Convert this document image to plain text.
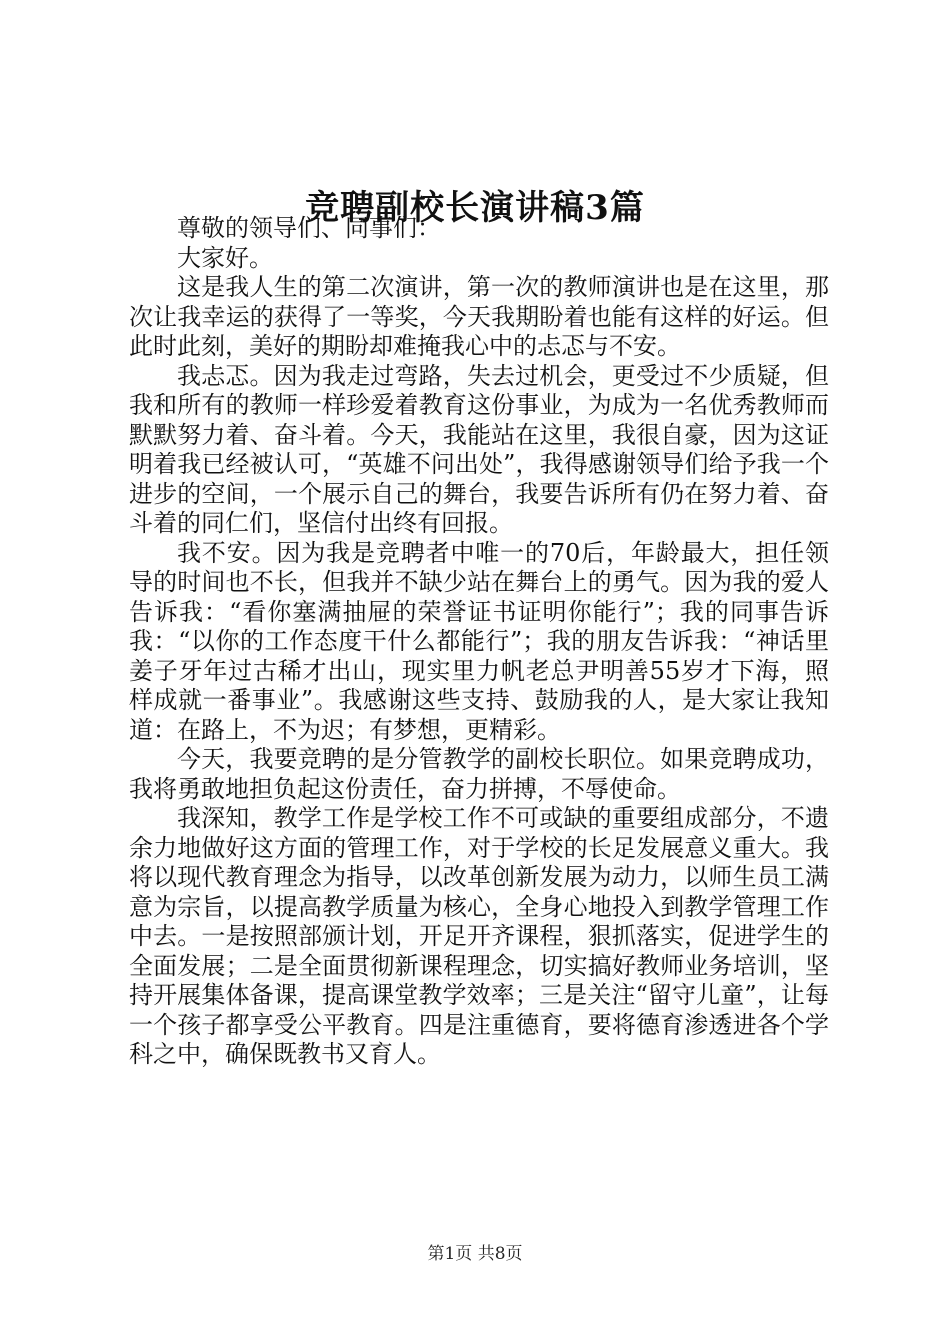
竞聘副校长演讲稿3篇

尊敬的领导们、同事们：

大家好。

这是我人生的第二次演讲，第一次的教师演讲也是在这里，那次让我幸运的获得了一等奖，今天我期盼着也能有这样的好运。但此时此刻，美好的期盼却难掩我心中的忐忑与不安。

我忐忑。因为我走过弯路，失去过机会，更受过不少质疑，但我和所有的教师一样珍爱着教育这份事业，为成为一名优秀教师而默默努力着、奋斗着。今天，我能站在这里，我很自豪，因为这证明着我已经被认可，“英雄不问出处”，我得感谢领导们给予我一个进步的空间，一个展示自己的舞台，我要告诉所有仍在努力着、奋斗着的同仁们，坚信付出终有回报。

我不安。因为我是竞聘者中唯一的70后，年龄最大，担任领导的时间也不长，但我并不缺少站在舞台上的勇气。因为我的爱人告诉我：“看你塞满抽屉的荣誉证书证明你能行”；我的同事告诉我：“以你的工作态度干什么都能行”；我的朋友告诉我：“神话里姜子牙年过古稀才出山，现实里力帆老总尹明善55岁才下海，照样成就一番事业”。我感谢这些支持、鼓励我的人，是大家让我知道：在路上，不为迟；有梦想，更精彩。

今天，我要竞聘的是分管教学的副校长职位。如果竞聘成功，我将勇敢地担负起这份责任，奋力拼搏，不辱使命。

我深知，教学工作是学校工作不可或缺的重要组成部分，不遗余力地做好这方面的管理工作，对于学校的长足发展意义重大。我将以现代教育理念为指导，以改革创新发展为动力，以师生员工满意为宗旨，以提高教学质量为核心，全身心地投入到教学管理工作中去。一是按照部颁计划，开足开齐课程，狠抓落实，促进学生的全面发展；二是全面贯彻新课程理念，切实搞好教师业务培训，坚持开展集体备课，提高课堂教学效率；三是关注“留守儿童”，让每一个孩子都享受公平教育。四是注重德育，要将德育渗透进各个学科之中，确保既教书又育人。

第1页 共8页
